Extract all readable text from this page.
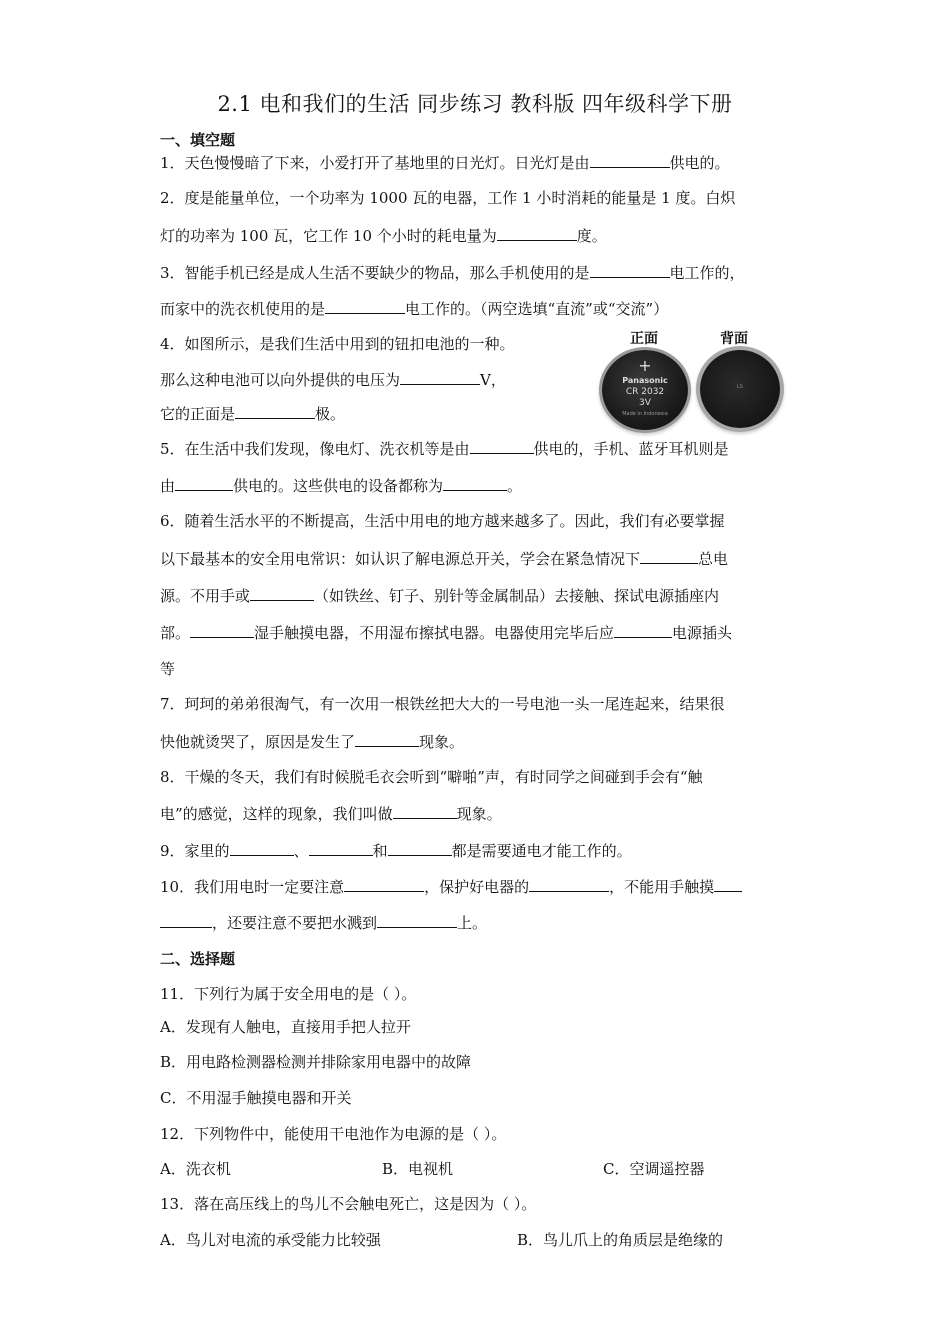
2.1 电和我们的生活 同步练习 教科版 四年级科学下册
一、填空题
1．天色慢慢暗了下来，小爱打开了基地里的日光灯。日光灯是由	供电的。
2．度是能量单位，一个功率为 1000 瓦的电器，工作 1 小时消耗的能量是 1 度。白炽
灯的功率为 100 瓦，它工作 10 个小时的耗电量为	度。
3．智能手机已经是成人生活不要缺少的物品，那么手机使用的是	电工作的，
而家中的洗衣机使用的是	电工作的。（两空选填“直流”或“交流”）
4．如图所示，是我们生活中用到的钮扣电池的一种。
那么这种电池可以向外提供的电压为	V，
它的正面是	极。
正面	背面
+
Panasonic
CR 2032
3V
Made in Indonesia
LS
5．在生活中我们发现，像电灯、洗衣机等是由	供电的，手机、蓝牙耳机则是
由	供电的。这些供电的设备都称为	。
6．随着生活水平的不断提高，生活中用电的地方越来越多了。因此，我们有必要掌握
以下最基本的安全用电常识：如认识了解电源总开关，学会在紧急情况下	总电
源。不用手或	（如铁丝、钉子、别针等金属制品）去接触、探试电源插座内
部。	湿手触摸电器，不用湿布擦拭电器。电器使用完毕后应	电源插头
等
7．珂珂的弟弟很淘气，有一次用一根铁丝把大大的一号电池一头一尾连起来，结果很
快他就烫哭了，原因是发生了	现象。
8．干燥的冬天，我们有时候脱毛衣会听到“噼啪”声，有时同学之间碰到手会有“触
电”的感觉，这样的现象，我们叫做	现象。
9．家里的	、	和	都是需要通电才能工作的。
10．我们用电时一定要注意	，保护好电器的	，不能用手触摸
，还要注意不要把水溅到	上。
二、选择题
11．下列行为属于安全用电的是（ ）。
A．发现有人触电，直接用手把人拉开
B．用电路检测器检测并排除家用电器中的故障
C．不用湿手触摸电器和开关
12．下列物件中，能使用干电池作为电源的是（ ）。
A．洗衣机	B．电视机	C．空调遥控器
13．落在高压线上的鸟儿不会触电死亡，这是因为（ ）。
A．鸟儿对电流的承受能力比较强	B．鸟儿爪上的角质层是绝缘的
